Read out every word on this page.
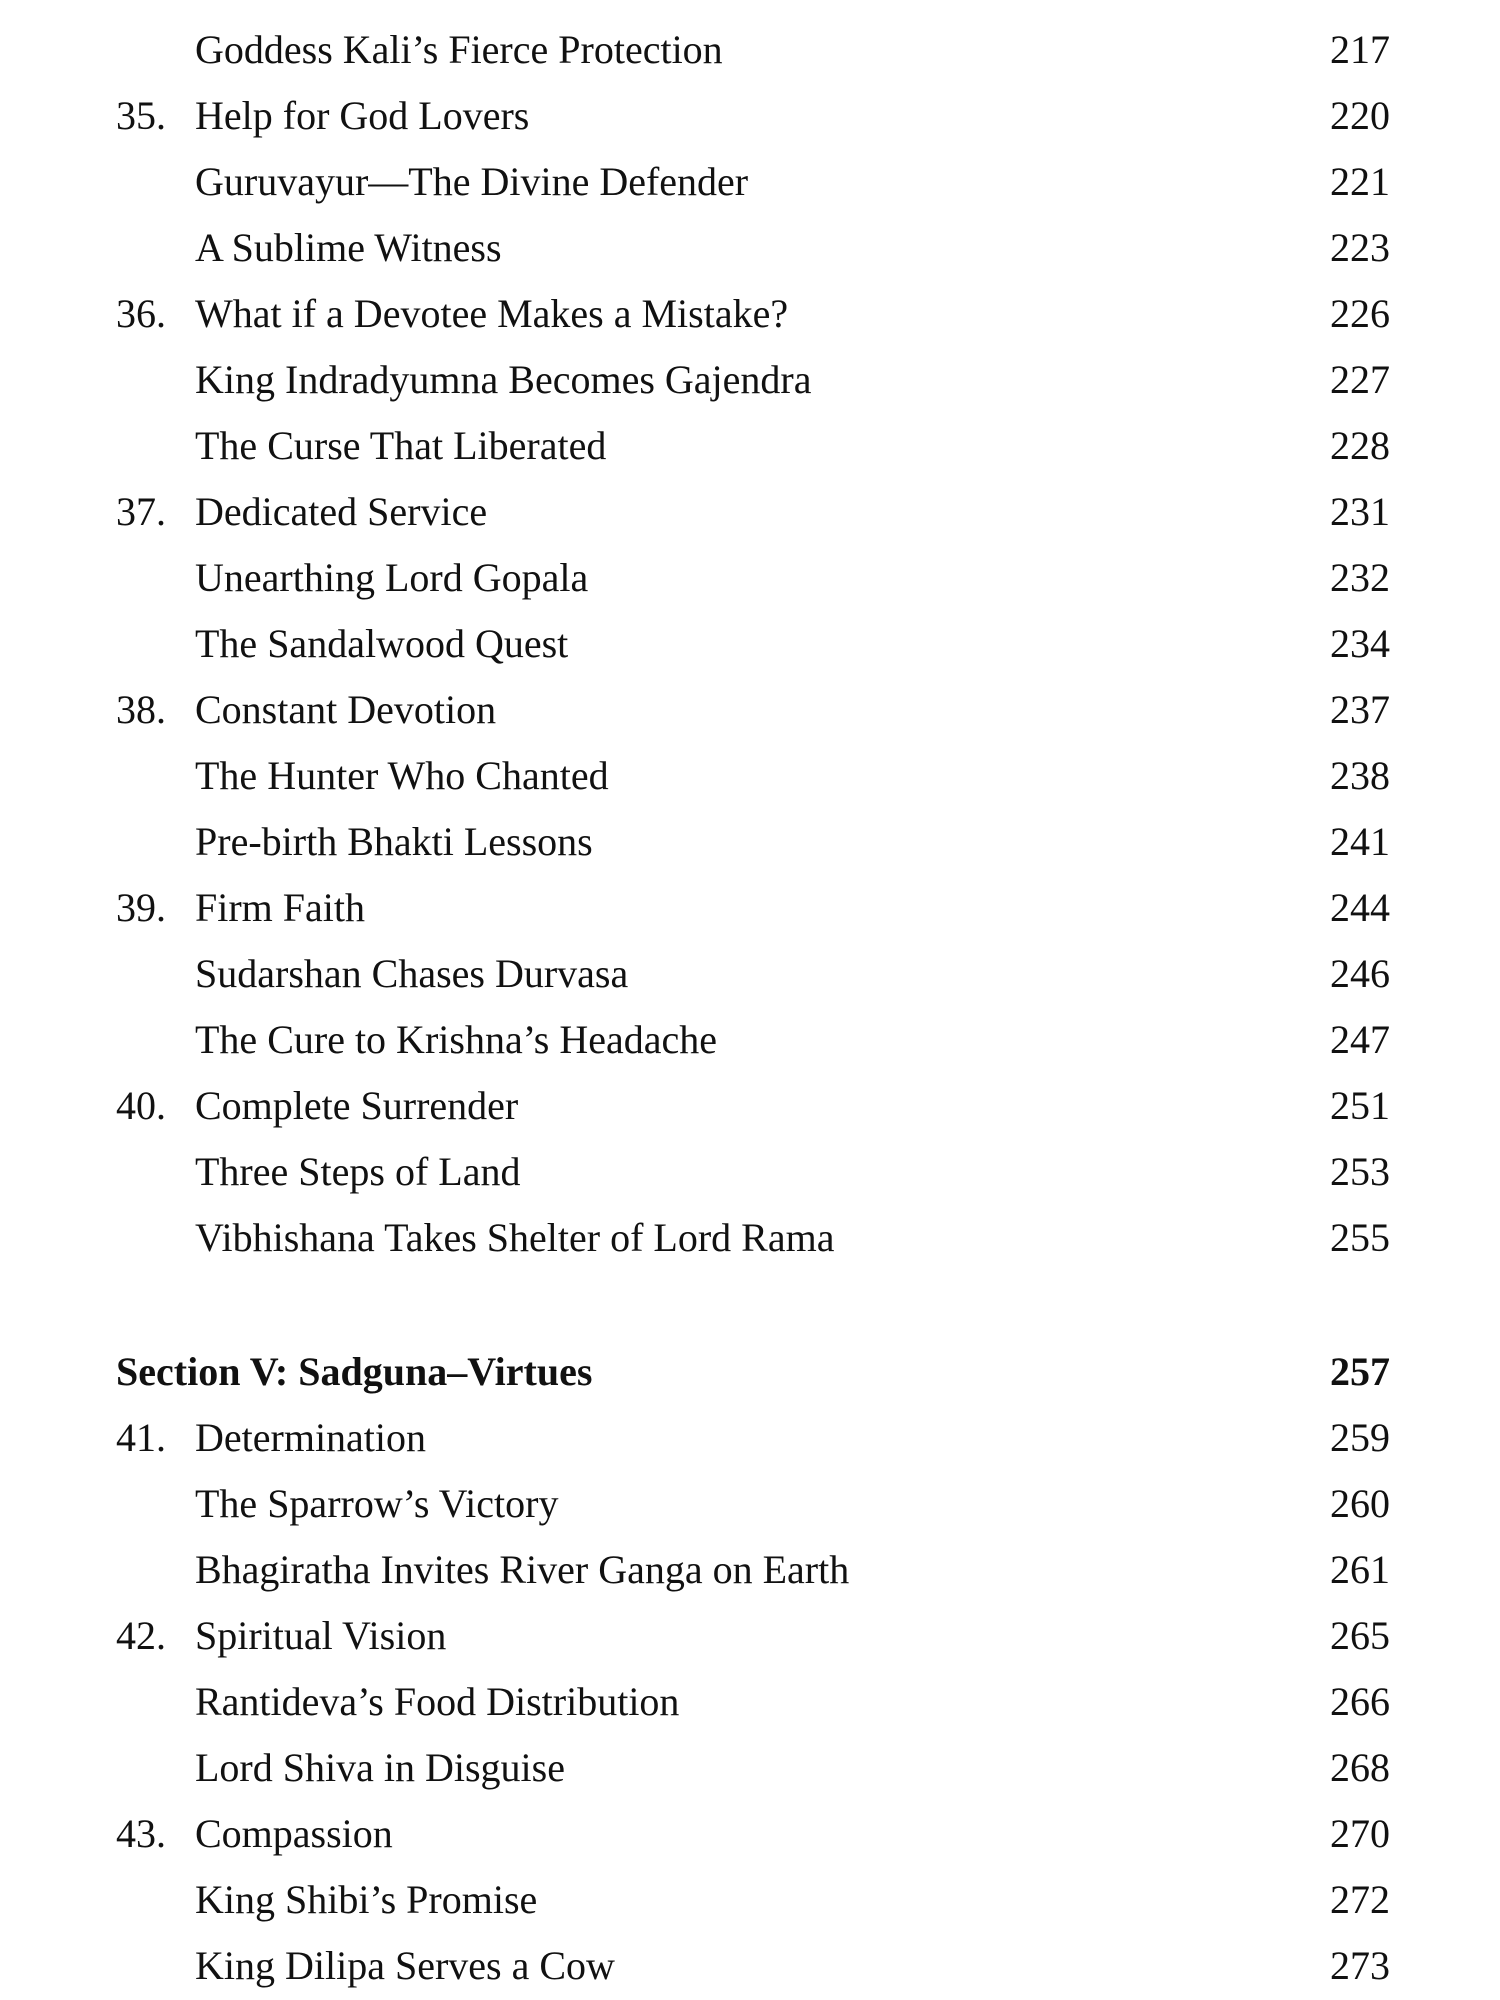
Goddess Kali’s Fierce Protection	217
35. Help for God Lovers	220
Guruvayur—The Divine Defender	221
A Sublime Witness	223
36. What if a Devotee Makes a Mistake?	226
King Indradyumna Becomes Gajendra	227
The Curse That Liberated	228
37. Dedicated Service	231
Unearthing Lord Gopala	232
The Sandalwood Quest	234
38. Constant Devotion	237
The Hunter Who Chanted	238
Pre-birth Bhakti Lessons	241
39. Firm Faith	244
Sudarshan Chases Durvasa	246
The Cure to Krishna’s Headache	247
40. Complete Surrender	251
Three Steps of Land	253
Vibhishana Takes Shelter of Lord Rama	255
Section V: Sadguna–Virtues	257
41. Determination	259
The Sparrow’s Victory	260
Bhagiratha Invites River Ganga on Earth	261
42. Spiritual Vision	265
Rantideva’s Food Distribution	266
Lord Shiva in Disguise	268
43. Compassion	270
King Shibi’s Promise	272
King Dilipa Serves a Cow	273
